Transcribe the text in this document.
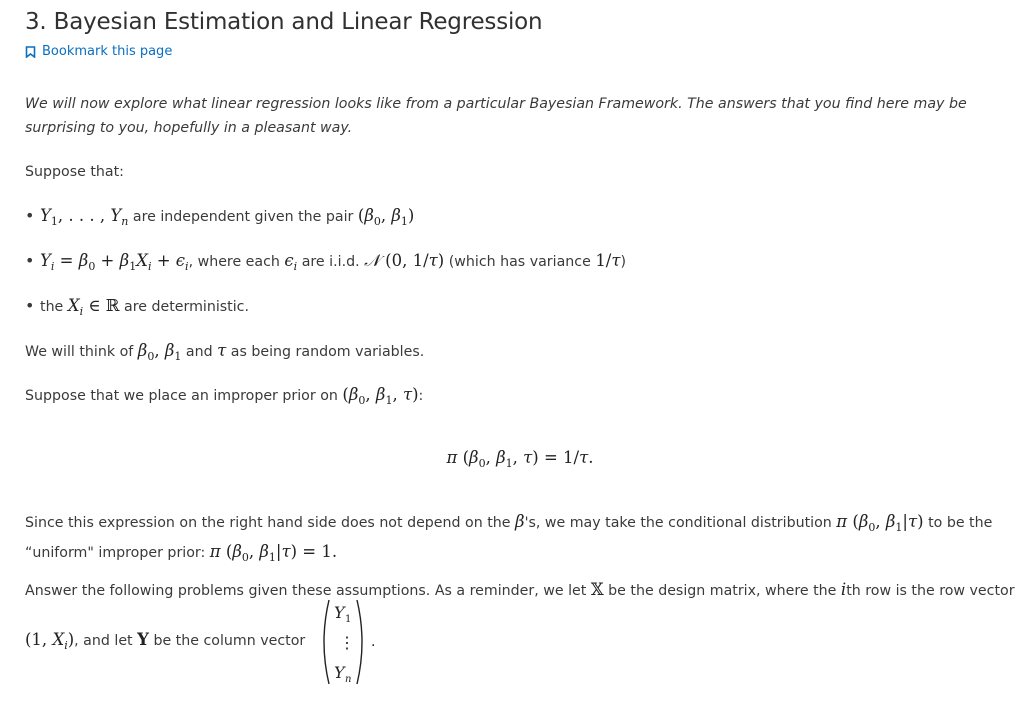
3. Bayesian Estimation and Linear Regression
Bookmark this page
We will now explore what linear regression looks like from a particular Bayesian Framework. The answers that you find here may be surprising to you, hopefully in a pleasant way.
Suppose that:
• $Y_1$, . . . , $Y_n$ are independent given the pair ($\beta_0$, $\beta_1$)
• $Y_i = \beta_0 + \beta_1X_i + \epsilon_i$, where each $\epsilon_i$ are i.i.d. 𝒩 (0, 1/τ) (which has variance 1/τ)
• the $X_i$ ∈ ℝ are deterministic.
We will think of $\beta_0$, $\beta_1$ and τ as being random variables.
Suppose that we place an improper prior on ($\beta_0$, $\beta_1$, τ):
π ($\beta_0$, $\beta_1$, τ) = 1/τ.
Since this expression on the right hand side does not depend on the β's, we may take the conditional distribution π ($\beta_0$, $\beta_1|\tau$) to be the
“uniform" improper prior: π ($\beta_0$, $\beta_1|\tau) = 1$.
Answer the following problems given these assumptions. As a reminder, we let 𝕏 be the design matrix, where the ith row is the row vector
(1, $X_i$), and let Y be the column vector
Y 1
⋮
Y n
.
